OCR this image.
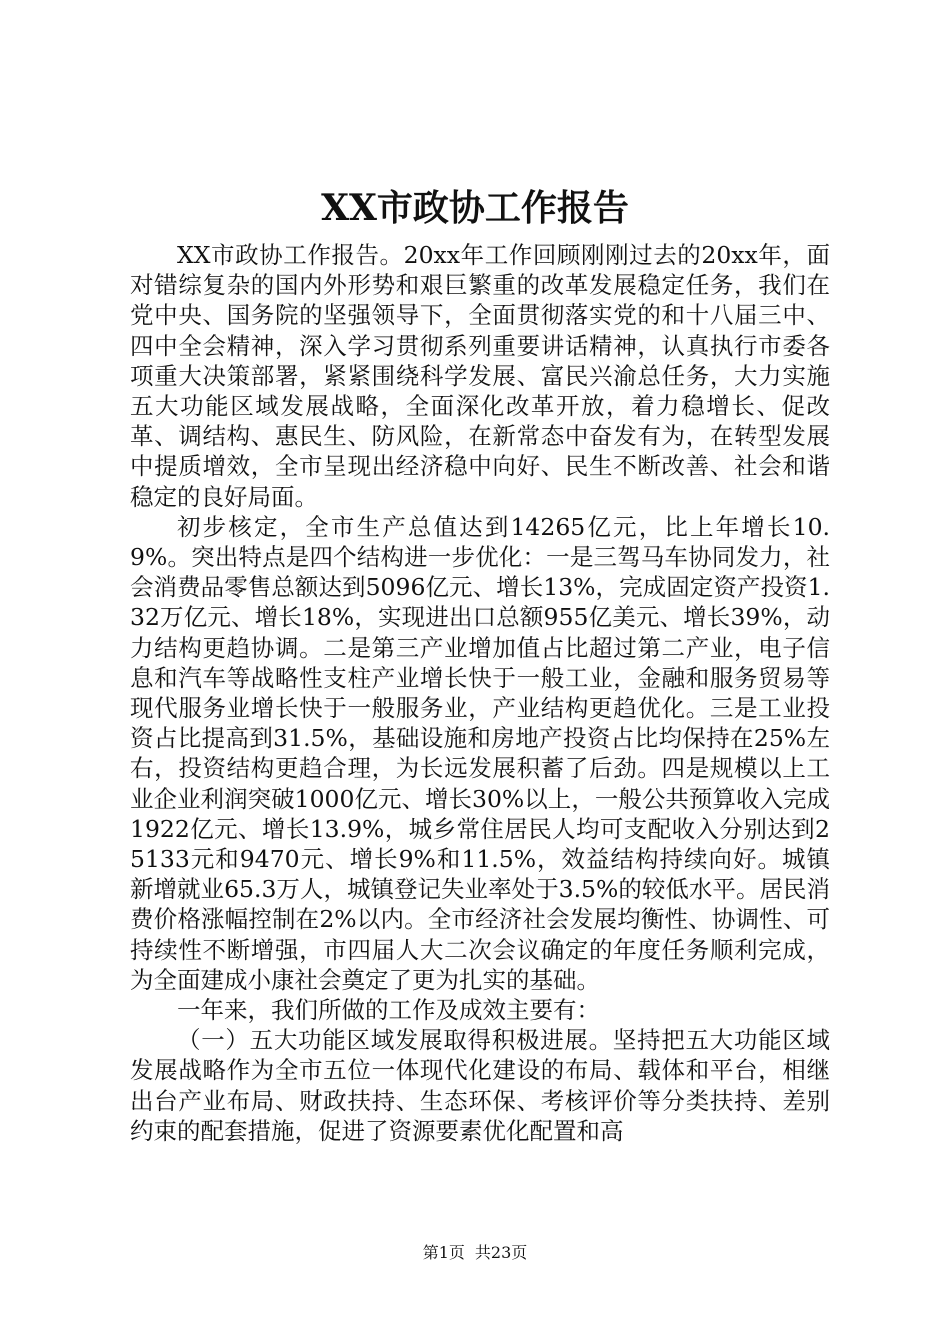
XX市政协工作报告

XX市政协工作报告。20xx年工作回顾刚刚过去的20xx年，面对错综复杂的国内外形势和艰巨繁重的改革发展稳定任务，我们在党中央、国务院的坚强领导下，全面贯彻落实党的和十八届三中、四中全会精神，深入学习贯彻系列重要讲话精神，认真执行市委各项重大决策部署，紧紧围绕科学发展、富民兴渝总任务，大力实施五大功能区域发展战略，全面深化改革开放，着力稳增长、促改革、调结构、惠民生、防风险，在新常态中奋发有为，在转型发展中提质增效，全市呈现出经济稳中向好、民生不断改善、社会和谐稳定的良好局面。

初步核定，全市生产总值达到14265亿元，比上年增长10.9%。突出特点是四个结构进一步优化：一是三驾马车协同发力，社会消费品零售总额达到5096亿元、增长13%，完成固定资产投资1.32万亿元、增长18%，实现进出口总额955亿美元、增长39%，动力结构更趋协调。二是第三产业增加值占比超过第二产业，电子信息和汽车等战略性支柱产业增长快于一般工业，金融和服务贸易等现代服务业增长快于一般服务业，产业结构更趋优化。三是工业投资占比提高到31.5%，基础设施和房地产投资占比均保持在25%左右，投资结构更趋合理，为长远发展积蓄了后劲。四是规模以上工业企业利润突破1000亿元、增长30%以上，一般公共预算收入完成1922亿元、增长13.9%，城乡常住居民人均可支配收入分别达到25133元和9470元、增长9%和11.5%，效益结构持续向好。城镇新增就业65.3万人，城镇登记失业率处于3.5%的较低水平。居民消费价格涨幅控制在2%以内。全市经济社会发展均衡性、协调性、可持续性不断增强，市四届人大二次会议确定的年度任务顺利完成，为全面建成小康社会奠定了更为扎实的基础。

一年来，我们所做的工作及成效主要有：

（一）五大功能区域发展取得积极进展。坚持把五大功能区域发展战略作为全市五位一体现代化建设的布局、载体和平台，相继出台产业布局、财政扶持、生态环保、考核评价等分类扶持、差别约束的配套措施，促进了资源要素优化配置和高

第1页 共23页
